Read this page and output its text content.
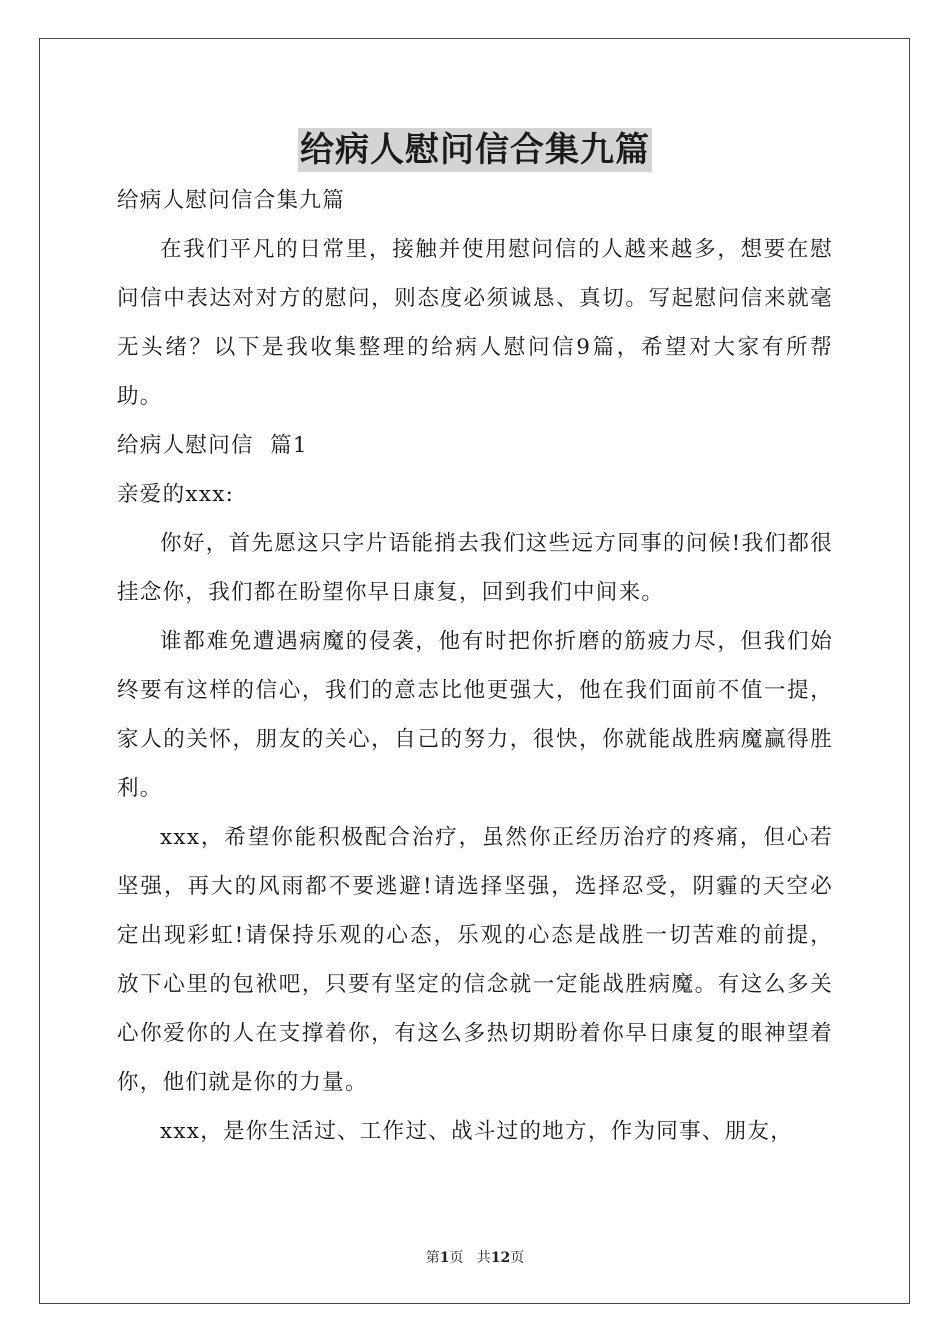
给病人慰问信合集九篇

给病人慰问信合集九篇

在我们平凡的日常里，接触并使用慰问信的人越来越多，想要在慰问信中表达对对方的慰问，则态度必须诚恳、真切。写起慰问信来就毫无头绪？以下是我收集整理的给病人慰问信9篇，希望对大家有所帮助。

给病人慰问信  篇1

亲爱的xxx:

你好，首先愿这只字片语能捎去我们这些远方同事的问候!我们都很挂念你，我们都在盼望你早日康复，回到我们中间来。

谁都难免遭遇病魔的侵袭，他有时把你折磨的筋疲力尽，但我们始终要有这样的信心，我们的意志比他更强大，他在我们面前不值一提，家人的关怀，朋友的关心，自己的努力，很快，你就能战胜病魔赢得胜利。

xxx，希望你能积极配合治疗，虽然你正经历治疗的疼痛，但心若坚强，再大的风雨都不要逃避!请选择坚强，选择忍受，阴霾的天空必定出现彩虹!请保持乐观的心态，乐观的心态是战胜一切苦难的前提，放下心里的包袱吧，只要有坚定的信念就一定能战胜病魔。有这么多关心你爱你的人在支撑着你，有这么多热切期盼着你早日康复的眼神望着你，他们就是你的力量。

xxx，是你生活过、工作过、战斗过的地方，作为同事、朋友，

第1页   共12页
